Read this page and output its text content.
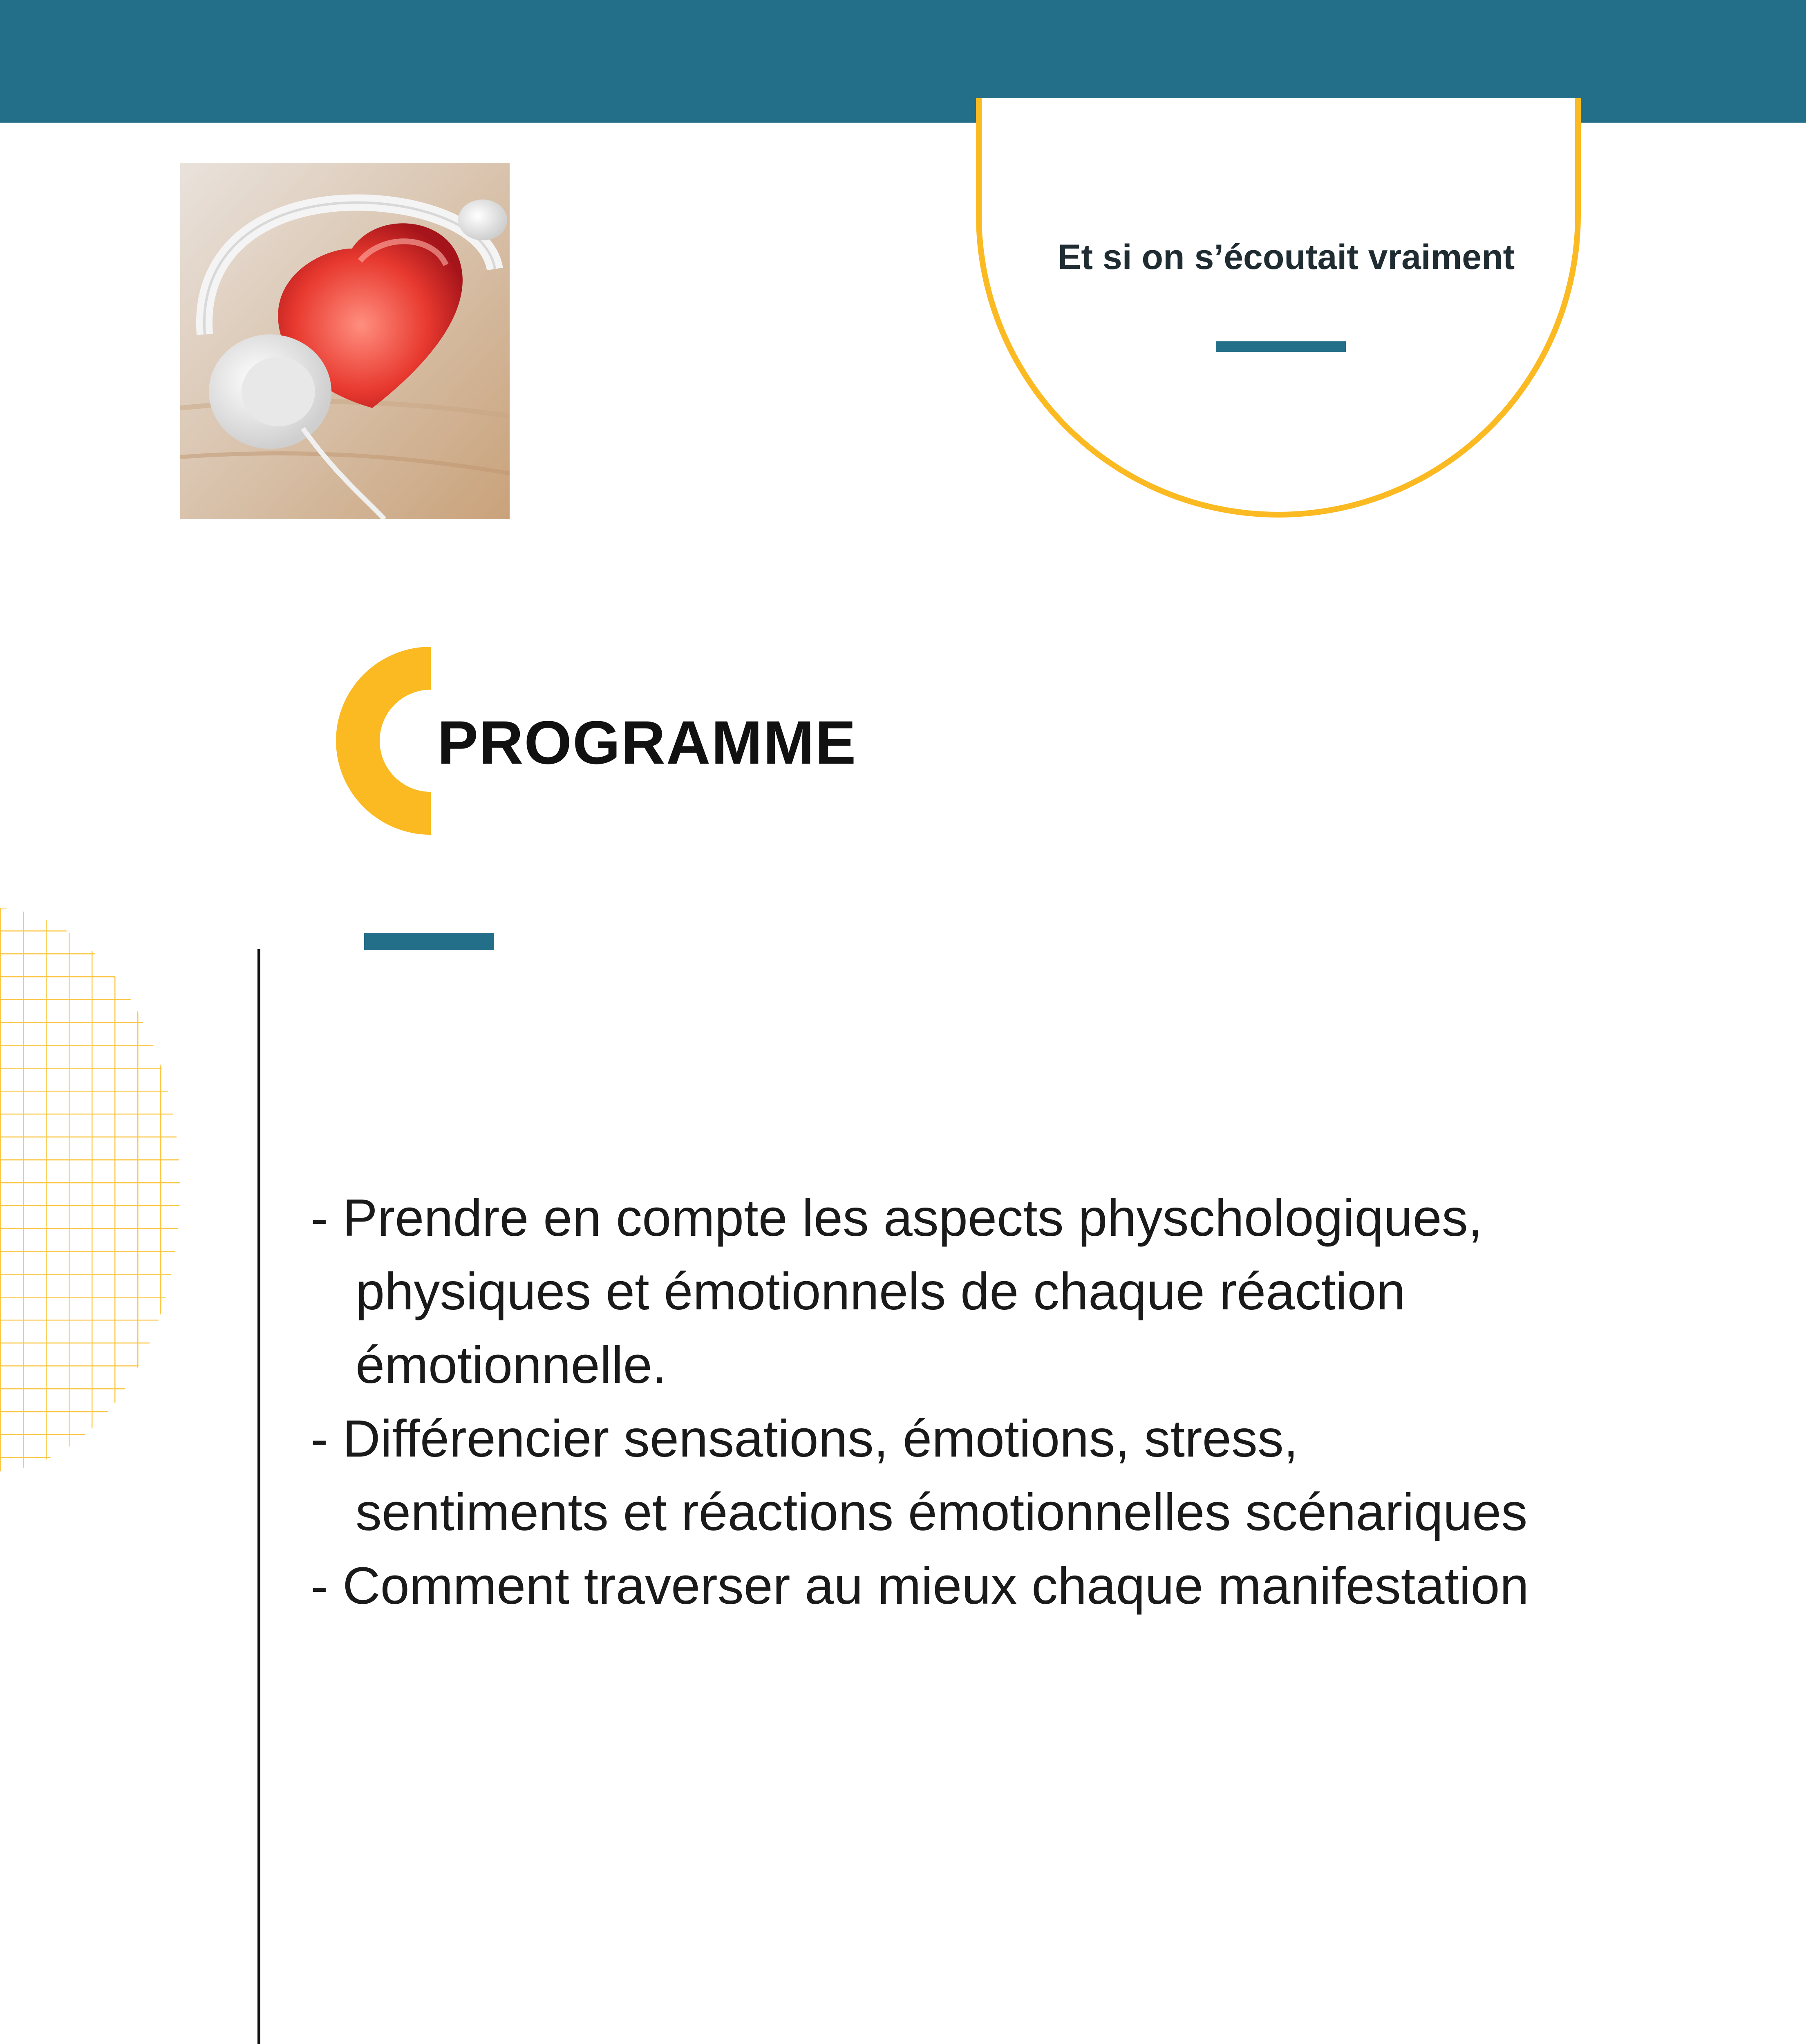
Et si on s’écoutait vraiment
PROGRAMME
- Prendre en compte les aspects physchologiques,
physiques et émotionnels de chaque réaction
émotionnelle.
- Différencier sensations, émotions, stress,
sentiments et réactions émotionnelles scénariques
- Comment traverser au mieux chaque manifestation
